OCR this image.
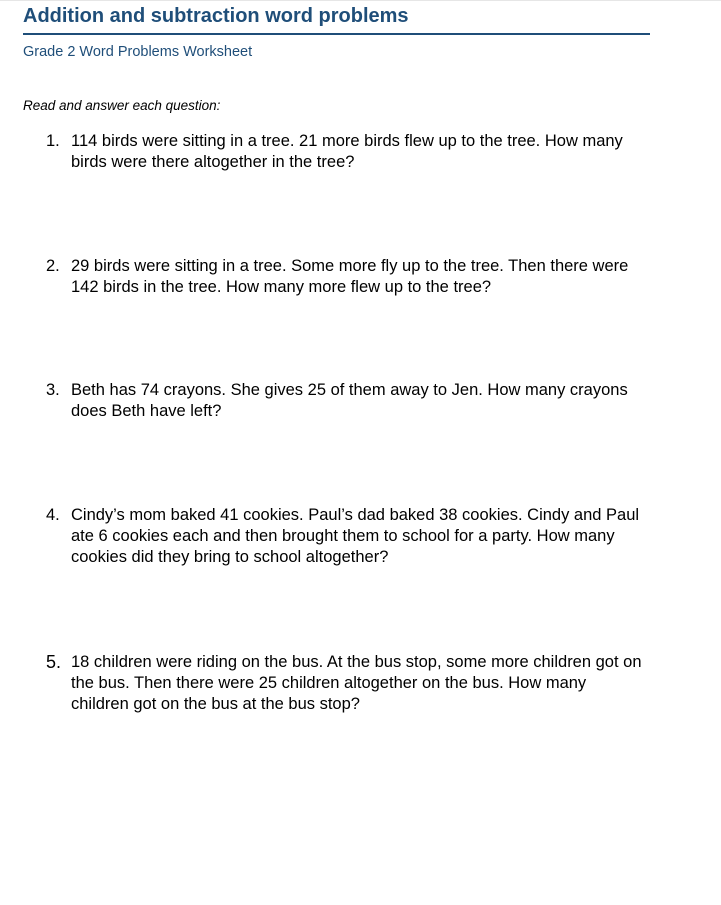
Addition and subtraction word problems

Grade 2 Word Problems Worksheet

Read and answer each question:

1. 114 birds were sitting in a tree. 21 more birds flew up to the tree. How many birds were there altogether in the tree?
2. 29 birds were sitting in a tree. Some more fly up to the tree. Then there were 142 birds in the tree. How many more flew up to the tree?
3. Beth has 74 crayons. She gives 25 of them away to Jen. How many crayons does Beth have left?
4. Cindy’s mom baked 41 cookies. Paul’s dad baked 38 cookies. Cindy and Paul ate 6 cookies each and then brought them to school for a party. How many cookies did they bring to school altogether?
5. 18 children were riding on the bus. At the bus stop, some more children got on the bus. Then there were 25 children altogether on the bus. How many children got on the bus at the bus stop?
